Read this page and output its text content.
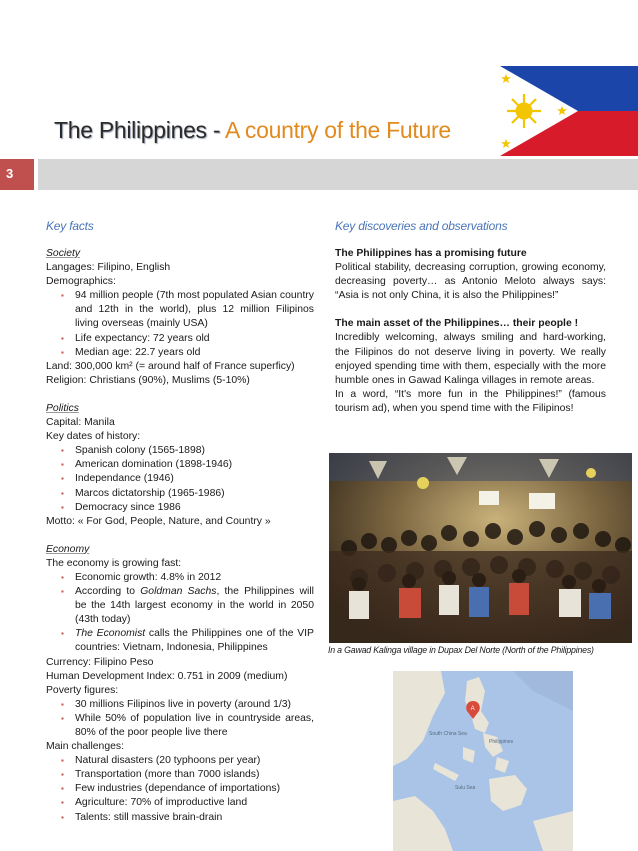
The Philippines - A country of the Future
3
Key facts
Society
Langages: Filipino, English
Demographics:
▪ 94 million people (7th most populated Asian country and 12th in the world), plus 12 million Filipinos living overseas (mainly USA)
▪ Life expectancy: 72 years old
▪ Median age: 22.7 years old
Land: 300,000 km² (= around half of France superficy)
Religion: Christians (90%), Muslims (5-10%)
Politics
Capital: Manila
Key dates of history:
▪ Spanish colony (1565-1898)
▪ American domination (1898-1946)
▪ Independance (1946)
▪ Marcos dictatorship (1965-1986)
▪ Democracy since 1986
Motto: « For God, People, Nature, and Country »
Economy
The economy is growing fast:
▪ Economic growth: 4.8% in 2012
▪ According to Goldman Sachs, the Philippines will be the 14th largest economy in the world in 2050 (43th today)
▪ The Economist calls the Philippines one of the VIP countries: Vietnam, Indonesia, Philippines
Currency: Filipino Peso
Human Development Index: 0.751 in 2009 (medium)
Poverty figures:
▪ 30 millions Filipinos live in poverty (around 1/3)
▪ While 50% of population live in countryside areas, 80% of the poor people live there
Main challenges:
▪ Natural disasters (20 typhoons per year)
▪ Transportation (more than 7000 islands)
▪ Few industries (dependance of importations)
▪ Agriculture: 70% of improductive land
▪ Talents: still massive brain-drain
Key discoveries and observations
The Philippines has a promising future
Political stability, decreasing corruption, growing economy, decreasing poverty… as Antonio Meloto always says: “Asia is not only China, it is also the Philippines!”
The main asset of the Philippines… their people !
Incredibly welcoming, always smiling and hard-working, the Filipinos do not deserve living in poverty. We really enjoyed spending time with them, especially with the more humble ones in Gawad Kalinga villages in remote areas.
In a word, “It's more fun in the Philippines!” (famous tourism ad), when you spend time with the Filipinos!
In a Gawad Kalinga village in Dupax Del Norte (North of the Philippines)
South China Sea
Sulu Sea
Philippines
A
